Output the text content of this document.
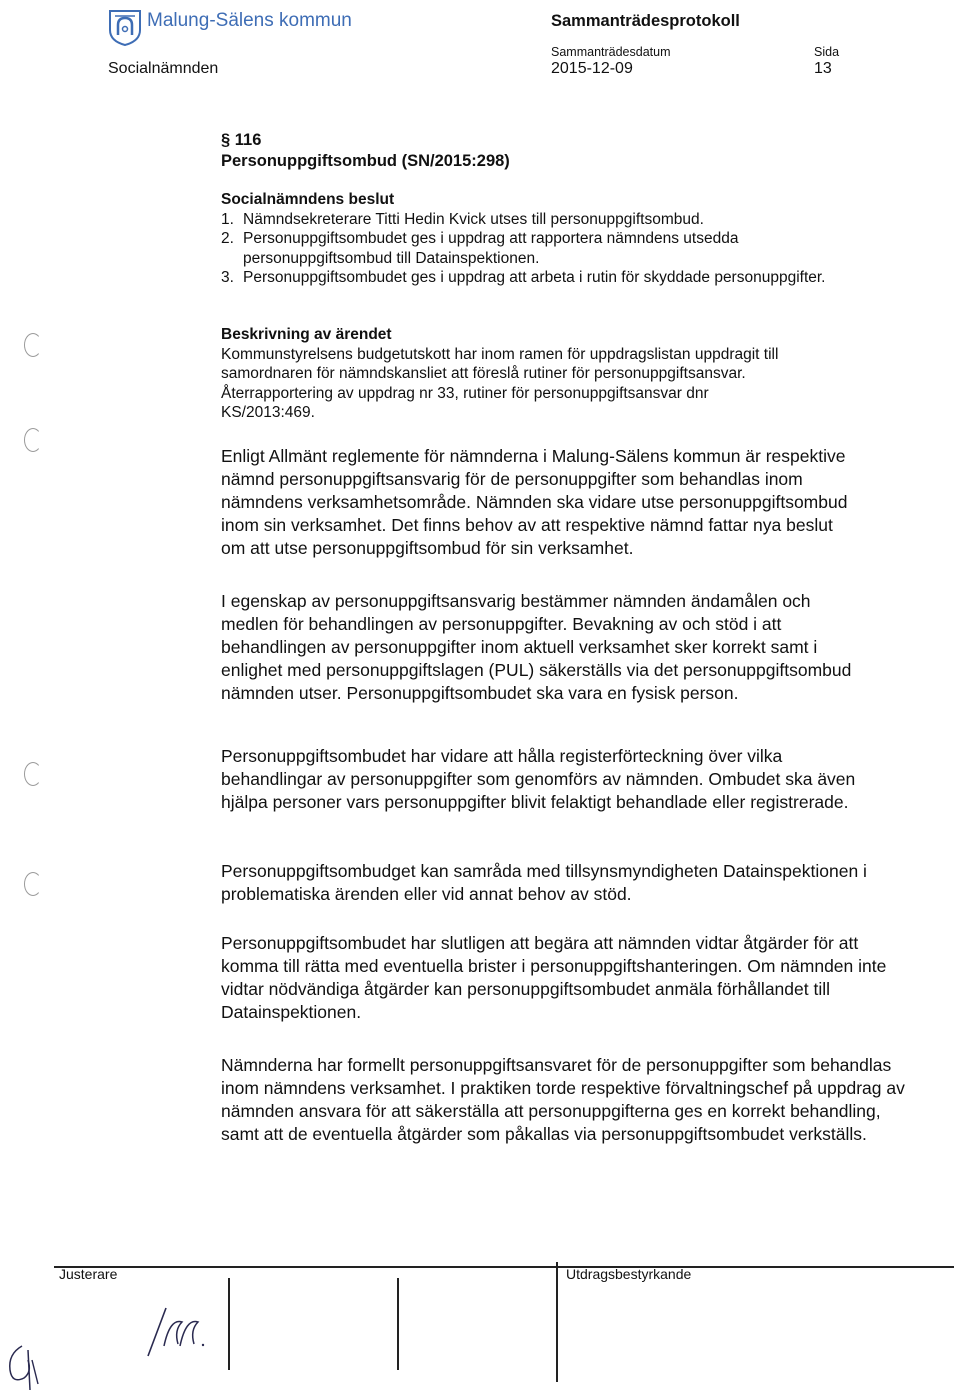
Malung-Sälens kommun	Sammanträdesprotokoll
Socialnämnden
Sammanträdesdatum
2015-12-09
Sida
13
§ 116
Personuppgiftsombud (SN/2015:298)
Socialnämndens beslut
1. Nämndsekreterare Titti Hedin Kvick utses till personuppgiftsombud.
2. Personuppgiftsombudet ges i uppdrag att rapportera nämndens utsedda personuppgiftsombud till Datainspektionen.
3. Personuppgiftsombudet ges i uppdrag att arbeta i rutin för skyddade personuppgifter.
Beskrivning av ärendet
Kommunstyrelsens budgetutskott har inom ramen för uppdragslistan uppdragit till samordnaren för nämndskansliet att föreslå rutiner för personuppgiftsansvar. Återrapportering av uppdrag nr 33, rutiner för personuppgiftsansvar dnr KS/2013:469.
Enligt Allmänt reglemente för nämnderna i Malung-Sälens kommun är respektive nämnd personuppgiftsansvarig för de personuppgifter som behandlas inom nämndens verksamhetsområde. Nämnden ska vidare utse personuppgiftsombud inom sin verksamhet. Det finns behov av att respektive nämnd fattar nya beslut om att utse personuppgiftsombud för sin verksamhet.
I egenskap av personuppgiftsansvarig bestämmer nämnden ändamålen och medlen för behandlingen av personuppgifter. Bevakning av och stöd i att behandlingen av personuppgifter inom aktuell verksamhet sker korrekt samt i enlighet med personuppgiftslagen (PUL) säkerställs via det personuppgiftsombud nämnden utser. Personuppgiftsombudet ska vara en fysisk person.
Personuppgiftsombudet har vidare att hålla registerförteckning över vilka behandlingar av personuppgifter som genomförs av nämnden. Ombudet ska även hjälpa personer vars personuppgifter blivit felaktigt behandlade eller registrerade.
Personuppgiftsombudget kan samråda med tillsynsmyndigheten Datainspektionen i problematiska ärenden eller vid annat behov av stöd.
Personuppgiftsombudet har slutligen att begära att nämnden vidtar åtgärder för att komma till rätta med eventuella brister i personuppgiftshanteringen. Om nämnden inte vidtar nödvändiga åtgärder kan personuppgiftsombudet anmäla förhållandet till Datainspektionen.
Nämnderna har formellt personuppgiftsansvaret för de personuppgifter som behandlas inom nämndens verksamhet. I praktiken torde respektive förvaltningschef på uppdrag av nämnden ansvara för att säkerställa att personuppgifterna ges en korrekt behandling, samt att de eventuella åtgärder som påkallas via personuppgiftsombudet verkställs.
Justerare	Utdragsbestyrkande
